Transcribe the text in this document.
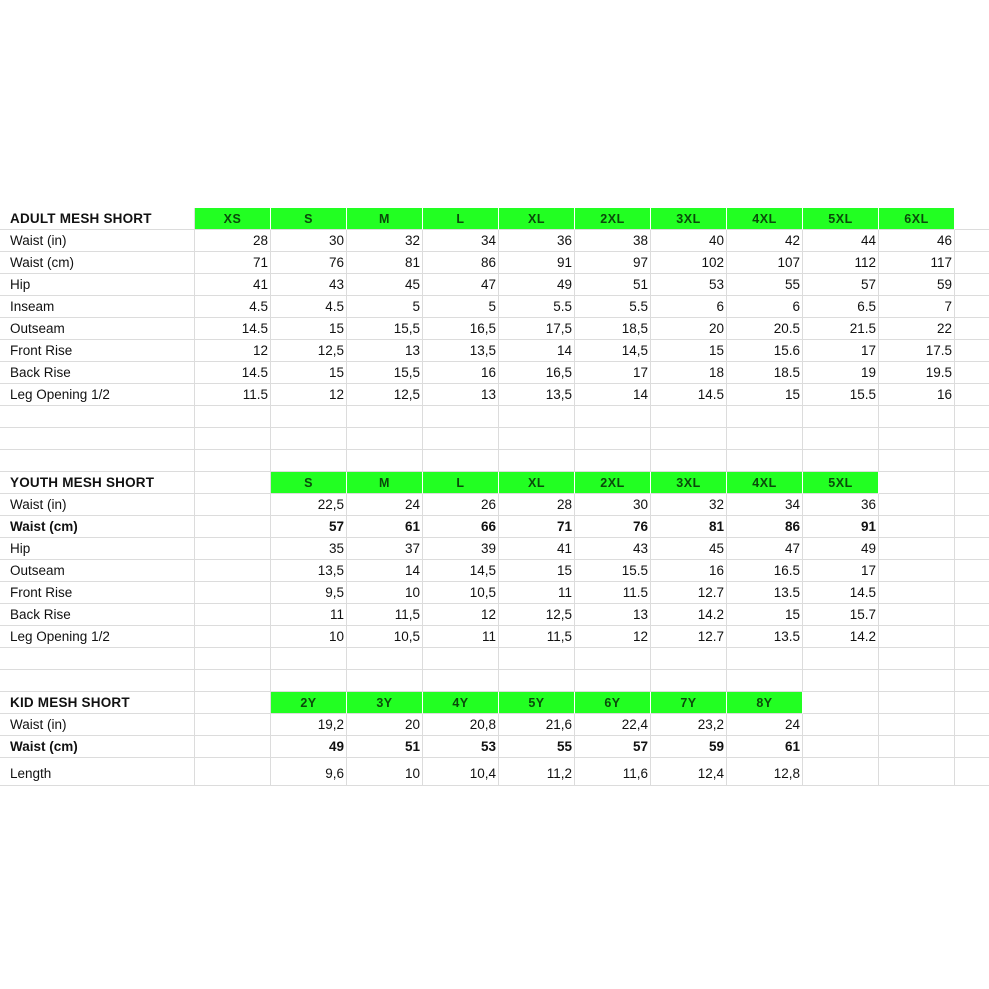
ADULT MESH SHORT	XS	S	M	L	XL	2XL	3XL	4XL	5XL	6XL
Waist (in)	28	30	32	34	36	38	40	42	44	46
Waist (cm)	71	76	81	86	91	97	102	107	112	117
Hip	41	43	45	47	49	51	53	55	57	59
Inseam	4.5	4.5	5	5	5.5	5.5	6	6	6.5	7
Outseam	14.5	15	15,5	16,5	17,5	18,5	20	20.5	21.5	22
Front Rise	12	12,5	13	13,5	14	14,5	15	15.6	17	17.5
Back Rise	14.5	15	15,5	16	16,5	17	18	18.5	19	19.5
Leg Opening 1/2	11.5	12	12,5	13	13,5	14	14.5	15	15.5	16
YOUTH MESH SHORT	S	M	L	XL	2XL	3XL	4XL	5XL
Waist (in)	22,5	24	26	28	30	32	34	36
Waist (cm)	57	61	66	71	76	81	86	91
Hip	35	37	39	41	43	45	47	49
Outseam	13,5	14	14,5	15	15.5	16	16.5	17
Front Rise	9,5	10	10,5	11	11.5	12.7	13.5	14.5
Back Rise	11	11,5	12	12,5	13	14.2	15	15.7
Leg Opening 1/2	10	10,5	11	11,5	12	12.7	13.5	14.2
KID MESH SHORT	2Y	3Y	4Y	5Y	6Y	7Y	8Y
Waist (in)	19,2	20	20,8	21,6	22,4	23,2	24
Waist (cm)	49	51	53	55	57	59	61
Length	9,6	10	10,4	11,2	11,6	12,4	12,8
